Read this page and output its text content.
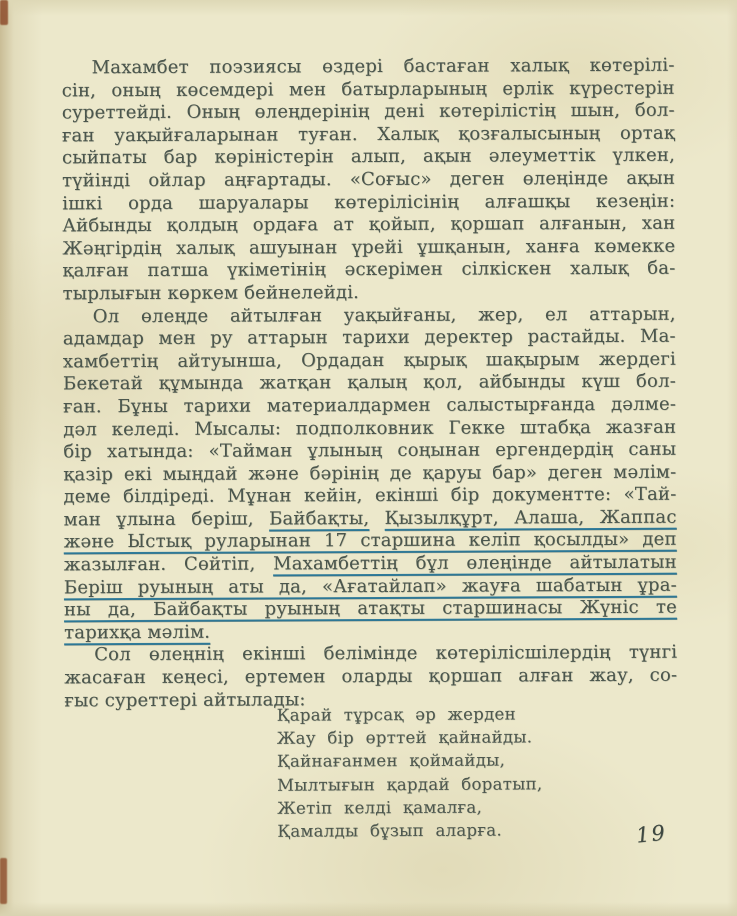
Махамбет поэзиясы өздері бастаған халық көтерілі-
сін, оның көсемдері мен батырларының ерлік күрестерін
суреттейді. Оның өлеңдерінің дені көтерілістің шын, бол-
ған уақыйғаларынан туған. Халық қозғалысының ортақ
сыйпаты бар көріністерін алып, ақын әлеуметтік үлкен,
түйінді ойлар аңғартады. «Соғыс» деген өлеңінде ақын
ішкі орда шаруалары көтерілісінің алғашқы кезеңін:
Айбынды қолдың ордаға ат қойып, қоршап алғанын, хан
Жәңгірдің халық ашуынан үрейі ұшқанын, ханға көмекке
қалған патша үкіметінің әскерімен сілкіскен халық ба-
тырлығын көркем бейнелейді.
Ол өлеңде айтылған уақыйғаны, жер, ел аттарын,
адамдар мен ру аттарын тарихи деректер растайды. Ма-
хамбеттің айтуынша, Ордадан қырық шақырым жердегі
Бекетай құмында жатқан қалың қол, айбынды күш бол-
ған. Бұны тарихи материалдармен салыстырғанда дәлме-
дәл келеді. Мысалы: подполковник Гекке штабқа жазған
бір хатында: «Тайман ұлының соңынан ергендердің саны
қазір екі мыңдай және бәрінің де қаруы бар» деген мәлім-
деме білдіреді. Мұнан кейін, екінші бір документте: «Тай-
ман ұлына беріш, Байбақты, Қызылқұрт, Алаша, Жаппас
және Ыстық руларынан 17 старшина келіп қосылды» деп
жазылған. Сөйтіп, Махамбеттің бұл өлеңінде айтылатын
Беріш руының аты да, «Ағатайлап» жауға шабатын ұра-
ны да, Байбақты руының атақты старшинасы Жүніс те
тарихқа мәлім.
Сол өлеңнің екінші белімінде көтерілісшілердің түнгі
жасаған кеңесі, ертемен оларды қоршап алған жау, со-
ғыс суреттері айтылады:
Қарай тұрсақ әр жерден
Жау бір өрттей қайнайды.
Қайнағанмен қоймайды,
Мылтығын қардай боратып,
Жетіп келді қамалға,
Қамалды бұзып аларға.	19
